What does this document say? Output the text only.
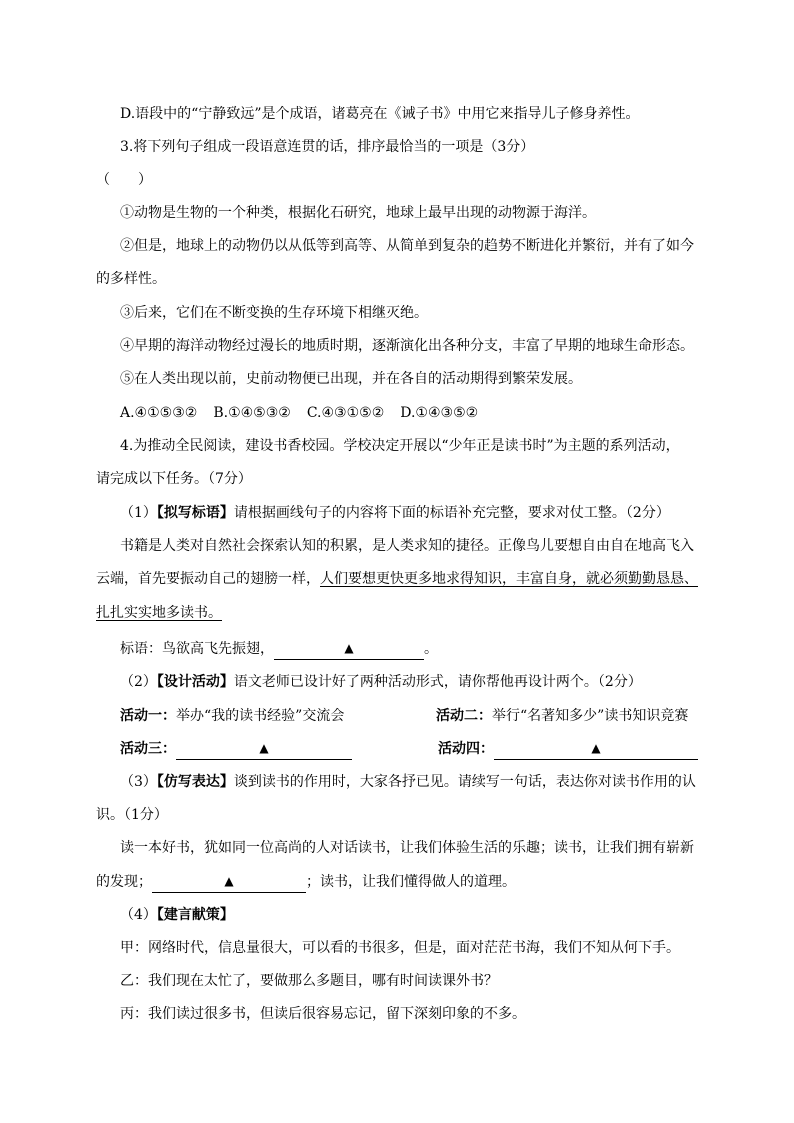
D.语段中的“宁静致远”是个成语，诸葛亮在《诫子书》中用它来指导儿子修身养性。
3.将下列句子组成一段语意连贯的话，排序最恰当的一项是（3分）
（　　）
①动物是生物的一个种类，根据化石研究，地球上最早出现的动物源于海洋。
②但是，地球上的动物仍以从低等到高等、从简单到复杂的趋势不断进化并繁衍，并有了如今
的多样性。
③后来，它们在不断变换的生存环境下相继灭绝。
④早期的海洋动物经过漫长的地质时期，逐渐演化出各种分支，丰富了早期的地球生命形态。
⑤在人类出现以前，史前动物便已出现，并在各自的活动期得到繁荣发展。
A.④①⑤③② B.①④⑤③② C.④③①⑤② D.①④③⑤②
4.为推动全民阅读，建设书香校园。学校决定开展以“少年正是读书时”为主题的系列活动，
请完成以下任务。（7分）
（1）【拟写标语】请根据画线句子的内容将下面的标语补充完整，要求对仗工整。（2分）
书籍是人类对自然社会探索认知的积累，是人类求知的捷径。正像鸟儿要想自由自在地高飞入
云端，首先要振动自己的翅膀一样，人们要想更快更多地求得知识，丰富自身，就必须勤勤恳恳、
扎扎实实地多读书。
标语：鸟欲高飞先振翅，	▲	。
（2）【设计活动】语文老师已设计好了两种活动形式，请你帮他再设计两个。（2分）
活动一：举办“我的读书经验”交流会	活动二：举行“名著知多少”读书知识竞赛
活动三：	▲	活动四：	▲
（3）【仿写表达】谈到读书的作用时，大家各抒已见。请续写一句话，表达你对读书作用的认
识。（1分）
读一本好书，犹如同一位高尚的人对话读书，让我们体验生活的乐趣；读书，让我们拥有崭新
的发现；	▲	；读书，让我们懂得做人的道理。
（4）【建言献策】
甲：网络时代，信息量很大，可以看的书很多，但是，面对茫茫书海，我们不知从何下手。
乙：我们现在太忙了，要做那么多题目，哪有时间读课外书？
丙：我们读过很多书，但读后很容易忘记，留下深刻印象的不多。
